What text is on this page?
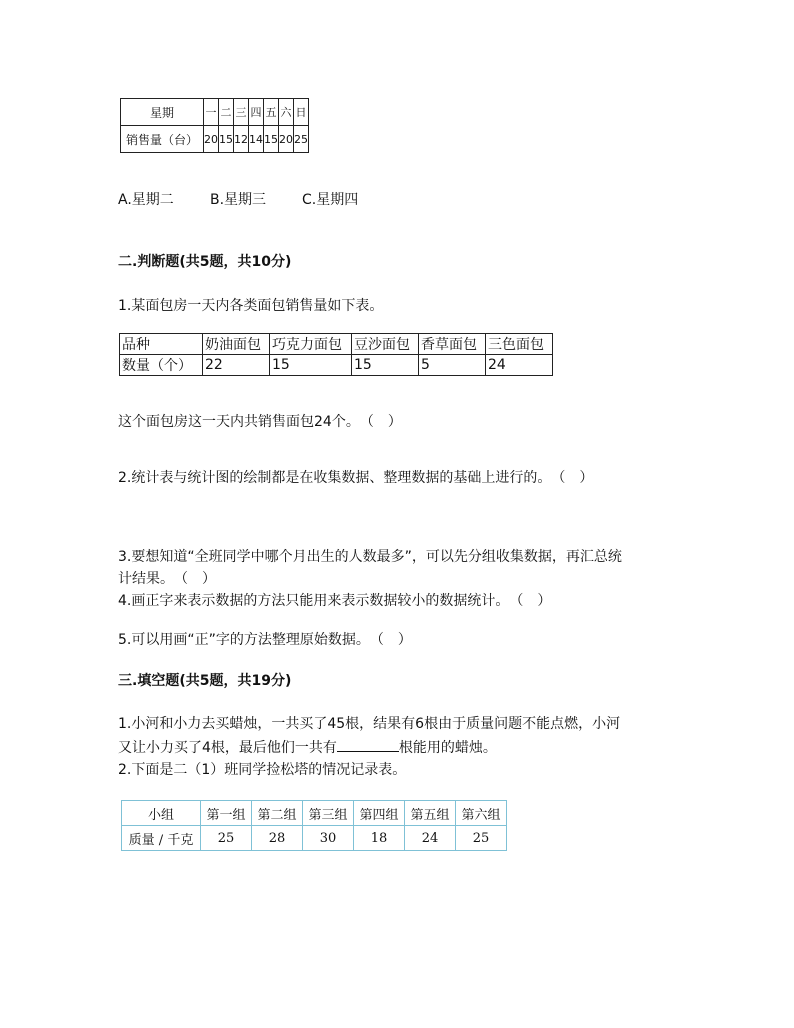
星期	一	二	三	四	五	六	日
销售量（台）	20	15	12	14	15	20	25
A.星期二	B.星期三	C.星期四
二.判断题(共5题，共10分)
1.某面包房一天内各类面包销售量如下表。
品种	奶油面包	巧克力面包	豆沙面包	香草面包	三色面包
数量（个）	22	15	15	5	24
这个面包房这一天内共销售面包24个。　（　）
2.统计表与统计图的绘制都是在收集数据、整理数据的基础上进行的。　（　）
3.要想知道“全班同学中哪个月出生的人数最多”，可以先分组收集数据，再汇总统
计结果。　（　）
4.画正字来表示数据的方法只能用来表示数据较小的数据统计。　（　）
5.可以用画“正”字的方法整理原始数据。　（　）
三.填空题(共5题，共19分)
1.小河和小力去买蜡烛，一共买了45根，结果有6根由于质量问题不能点燃，小河
又让小力买了4根，最后他们一共有	根能用的蜡烛。
2.下面是二（1）班同学捡松塔的情况记录表。
小组	第一组	第二组	第三组	第四组	第五组	第六组
质量 / 千克	25	28	30	18	24	25
